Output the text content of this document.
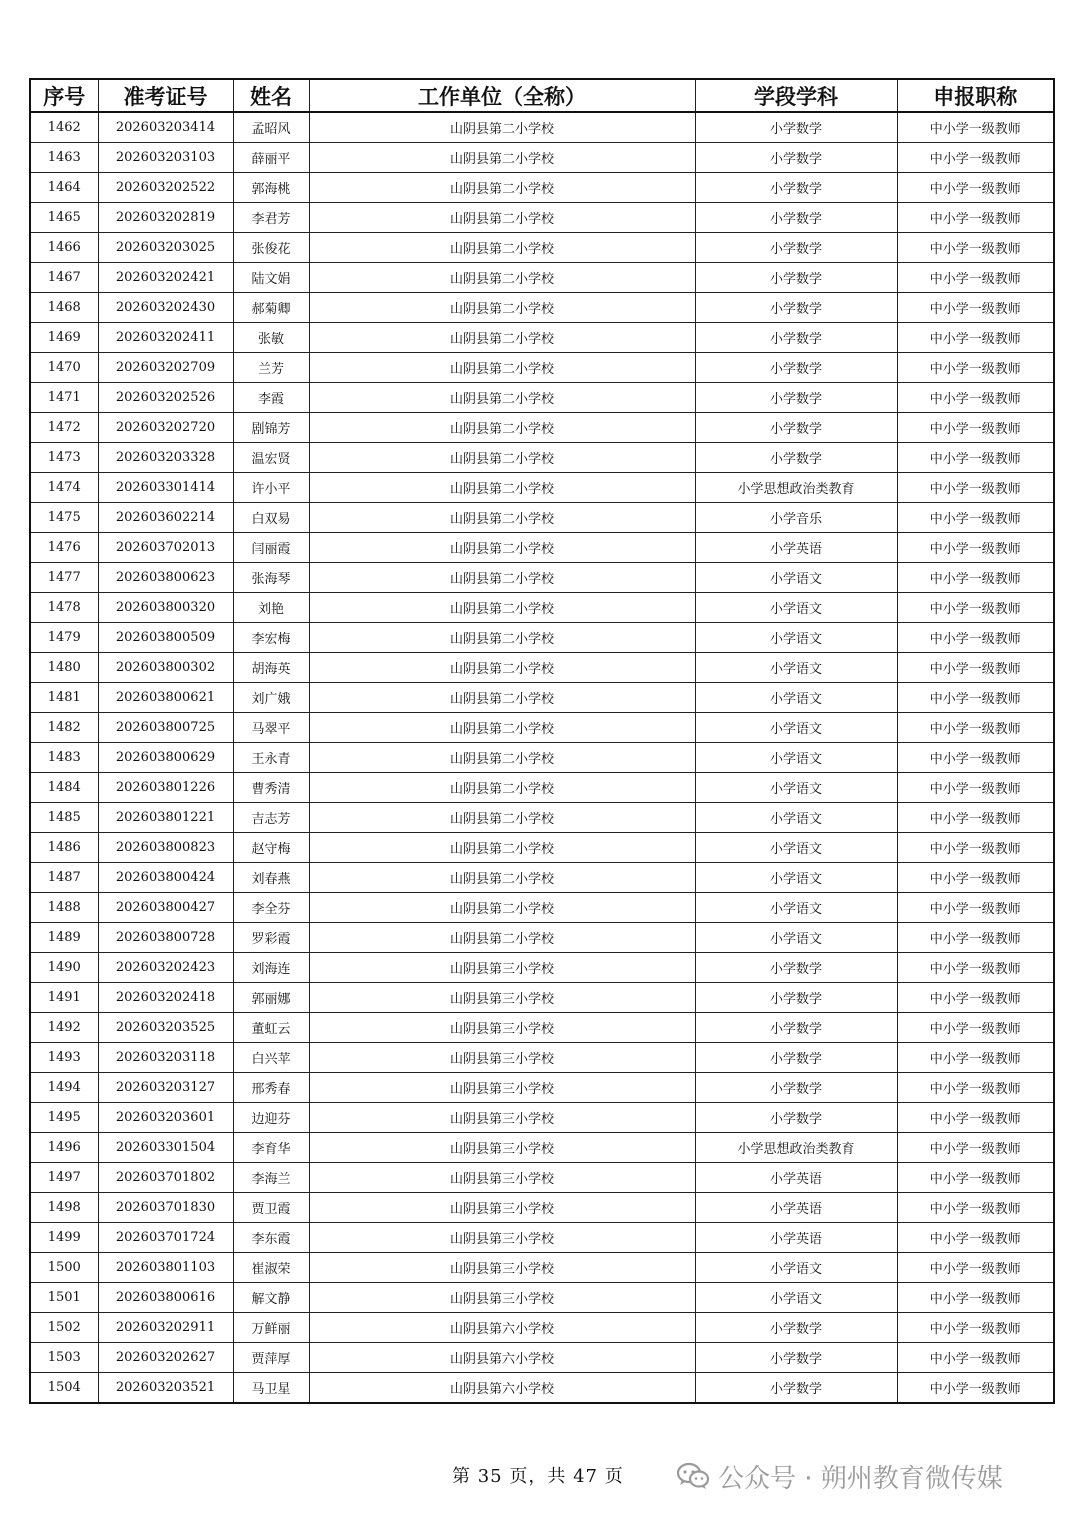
序号	准考证号	姓名	工作单位（全称）	学段学科	申报职称
1462	202603203414	孟昭风	山阴县第二小学校	小学数学	中小学一级教师
1463	202603203103	薛丽平	山阴县第二小学校	小学数学	中小学一级教师
1464	202603202522	郭海桃	山阴县第二小学校	小学数学	中小学一级教师
1465	202603202819	李君芳	山阴县第二小学校	小学数学	中小学一级教师
1466	202603203025	张俊花	山阴县第二小学校	小学数学	中小学一级教师
1467	202603202421	陆文娟	山阴县第二小学校	小学数学	中小学一级教师
1468	202603202430	郝菊卿	山阴县第二小学校	小学数学	中小学一级教师
1469	202603202411	张敏	山阴县第二小学校	小学数学	中小学一级教师
1470	202603202709	兰芳	山阴县第二小学校	小学数学	中小学一级教师
1471	202603202526	李霞	山阴县第二小学校	小学数学	中小学一级教师
1472	202603202720	剧锦芳	山阴县第二小学校	小学数学	中小学一级教师
1473	202603203328	温宏贤	山阴县第二小学校	小学数学	中小学一级教师
1474	202603301414	许小平	山阴县第二小学校	小学思想政治类教育	中小学一级教师
1475	202603602214	白双易	山阴县第二小学校	小学音乐	中小学一级教师
1476	202603702013	闫丽霞	山阴县第二小学校	小学英语	中小学一级教师
1477	202603800623	张海琴	山阴县第二小学校	小学语文	中小学一级教师
1478	202603800320	刘艳	山阴县第二小学校	小学语文	中小学一级教师
1479	202603800509	李宏梅	山阴县第二小学校	小学语文	中小学一级教师
1480	202603800302	胡海英	山阴县第二小学校	小学语文	中小学一级教师
1481	202603800621	刘广娥	山阴县第二小学校	小学语文	中小学一级教师
1482	202603800725	马翠平	山阴县第二小学校	小学语文	中小学一级教师
1483	202603800629	王永青	山阴县第二小学校	小学语文	中小学一级教师
1484	202603801226	曹秀清	山阴县第二小学校	小学语文	中小学一级教师
1485	202603801221	吉志芳	山阴县第二小学校	小学语文	中小学一级教师
1486	202603800823	赵守梅	山阴县第二小学校	小学语文	中小学一级教师
1487	202603800424	刘春燕	山阴县第二小学校	小学语文	中小学一级教师
1488	202603800427	李全芬	山阴县第二小学校	小学语文	中小学一级教师
1489	202603800728	罗彩霞	山阴县第二小学校	小学语文	中小学一级教师
1490	202603202423	刘海连	山阴县第三小学校	小学数学	中小学一级教师
1491	202603202418	郭丽娜	山阴县第三小学校	小学数学	中小学一级教师
1492	202603203525	董虹云	山阴县第三小学校	小学数学	中小学一级教师
1493	202603203118	白兴苹	山阴县第三小学校	小学数学	中小学一级教师
1494	202603203127	邢秀春	山阴县第三小学校	小学数学	中小学一级教师
1495	202603203601	边迎芬	山阴县第三小学校	小学数学	中小学一级教师
1496	202603301504	李育华	山阴县第三小学校	小学思想政治类教育	中小学一级教师
1497	202603701802	李海兰	山阴县第三小学校	小学英语	中小学一级教师
1498	202603701830	贾卫霞	山阴县第三小学校	小学英语	中小学一级教师
1499	202603701724	李东霞	山阴县第三小学校	小学英语	中小学一级教师
1500	202603801103	崔淑荣	山阴县第三小学校	小学语文	中小学一级教师
1501	202603800616	解文静	山阴县第三小学校	小学语文	中小学一级教师
1502	202603202911	万鲜丽	山阴县第六小学校	小学数学	中小学一级教师
1503	202603202627	贾萍厚	山阴县第六小学校	小学数学	中小学一级教师
1504	202603203521	马卫星	山阴县第六小学校	小学数学	中小学一级教师
第 35 页，共 47 页	公众号 · 朔州教育微传媒
